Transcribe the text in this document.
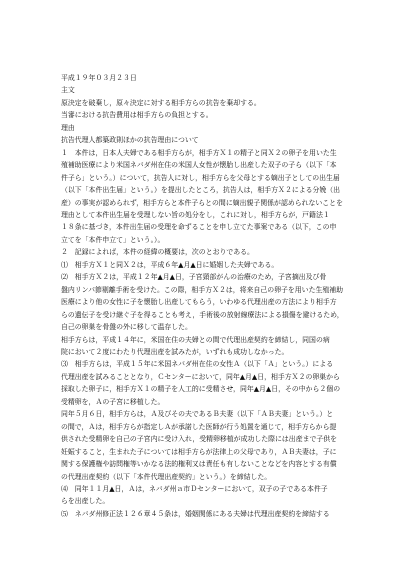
平成１９年０３月２３日

主文

原決定を破棄し，原々決定に対する相手方らの抗告を棄却する。

当審における抗告費用は相手方らの負担とする。

理由

抗告代理人都築政則ほかの抗告理由について

１　本件は，日本人夫婦である相手方らが，相手方Ｘ１の精子と同Ｘ２の卵子を用いた生

殖補助医療により米国ネバダ州在住の米国人女性が懐胎し出産した双子の子ら（以下「本

件子ら」という。）について，抗告人に対し，相手方らを父母とする嫡出子としての出生届

（以下「本件出生届」という。）を提出したところ，抗告人は，相手方Ｘ２による分娩（出

産）の事実が認められず，相手方らと本件子らとの間に嫡出親子関係が認められないことを

理由として本件出生届を受理しない旨の処分をし，これに対し，相手方らが，戸籍法１

１８条に基づき，本件出生届の受理を命ずることを申し立てた事案である（以下，この申

立てを「本件申立て」という。）。

２　記録によれば，本件の経緯の概要は，次のとおりである。

⑴　相手方Ｘ１と同Ｘ２は，平成６年▲月▲日に婚姻した夫婦である。

⑵　相手方Ｘ２は，平成１２年▲月▲日，子宮頸部がんの治療のため，子宮摘出及び骨

盤内リンパ節剔離手術を受けた。この際，相手方Ｘ２は，将来自己の卵子を用いた生殖補助

医療により他の女性に子を懐胎し出産してもらう，いわゆる代理出産の方法により相手方

らの遺伝子を受け継ぐ子を得ることも考え，手術後の放射線療法による損傷を避けるため，

自己の卵巣を骨盤の外に移して温存した。

相手方らは，平成１４年に，米国在住の夫婦との間で代理出産契約を締結し，同国の病

院において２度にわたり代理出産を試みたが，いずれも成功しなかった。

⑶　相手方らは，平成１５年に米国ネバダ州在住の女性Ａ（以下「Ａ」という。）による

代理出産を試みることとなり，Ｃセンターにおいて，同年▲月▲日，相手方Ｘ２の卵巣から

採取した卵子に，相手方Ｘ１の精子を人工的に受精させ，同年▲月▲日，その中から２個の

受精卵を，Ａの子宮に移植した。

同年５月６日，相手方らは，Ａ及びその夫であるＢ夫妻（以下「ＡＢ夫妻」という。）と

の間で，Ａは，相手方らが指定しＡが承諾した医師が行う処置を通じて，相手方らから提

供された受精卵を自己の子宮内に受け入れ，受精卵移植が成功した際には出産まで子供を

妊娠すること，生まれた子については相手方らが法律上の父母であり，ＡＢ夫妻は，子に

関する保護権や訪問権等いかなる法的権利又は責任も有しないことなどを内容とする有償

の代理出産契約（以下「本件代理出産契約」という。）を締結した。

⑷　同年１１月▲日，Ａは，ネバダ州ａ市Ｄセンターにおいて，双子の子である本件子

らを出産した。

⑸　ネバダ州修正法１２６章４５条は，婚姻関係にある夫婦は代理出産契約を締結する
